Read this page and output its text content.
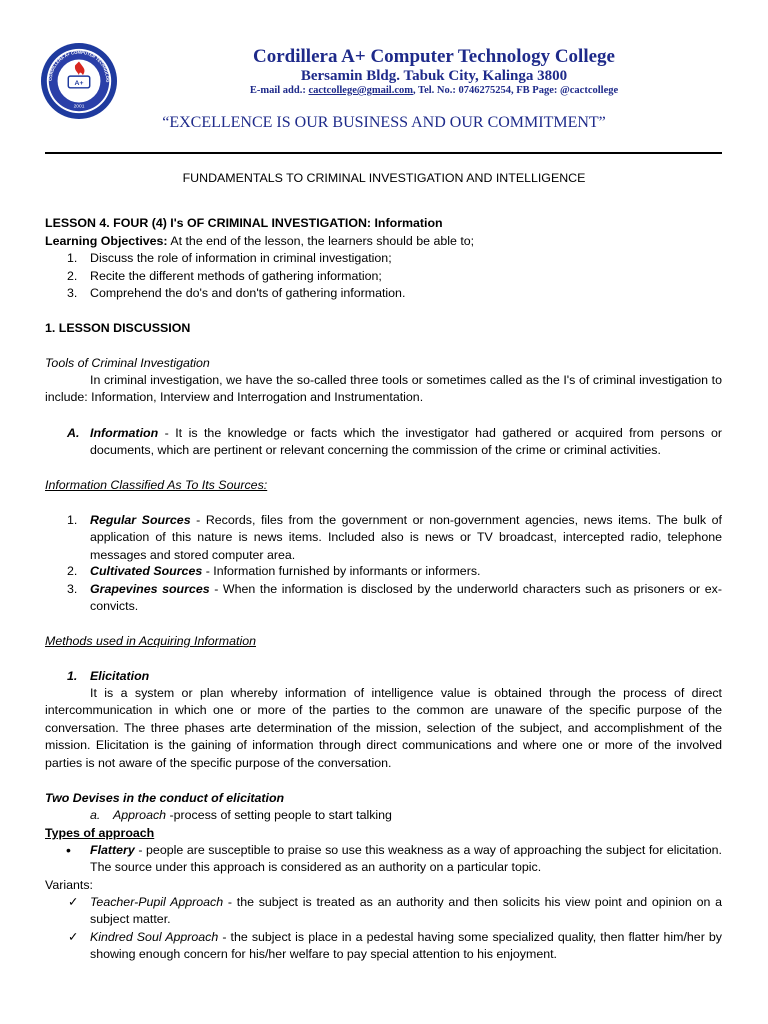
CORDILLERA A+ COMPUTER TECHNOLOG
A+
2001
Cordillera A+ Computer Technology College
Bersamin Bldg. Tabuk City, Kalinga 3800
E-mail add.: cactcollege@gmail.com, Tel. No.: 0746275254, FB Page: @cactcollege
“EXCELLENCE IS OUR BUSINESS AND OUR COMMITMENT”
FUNDAMENTALS TO CRIMINAL INVESTIGATION AND INTELLIGENCE
LESSON 4. FOUR (4) I's OF CRIMINAL INVESTIGATION: Information
Learning Objectives: At the end of the lesson, the learners should be able to;
1. Discuss the role of information in criminal investigation;
2. Recite the different methods of gathering information;
3. Comprehend the do's and don'ts of gathering information.
1. LESSON DISCUSSION
Tools of Criminal Investigation
In criminal investigation, we have the so-called three tools or sometimes called as the I's of criminal investigation to include: Information, Interview and Interrogation and Instrumentation.
A. Information - It is the knowledge or facts which the investigator had gathered or acquired from persons or documents, which are pertinent or relevant concerning the commission of the crime or criminal activities.
Information Classified As To Its Sources:
1. Regular Sources - Records, files from the government or non-government agencies, news items. The bulk of application of this nature is news items. Included also is news or TV broadcast, intercepted radio, telephone messages and stored computer area.
2. Cultivated Sources - Information furnished by informants or informers.
3. Grapevines sources - When the information is disclosed by the underworld characters such as prisoners or ex-convicts.
Methods used in Acquiring Information
1. Elicitation
It is a system or plan whereby information of intelligence value is obtained through the process of direct intercommunication in which one or more of the parties to the common are unaware of the specific purpose of the conversation. The three phases arte determination of the mission, selection of the subject, and accomplishment of the mission. Elicitation is the gaining of information through direct communications and where one or more of the involved parties is not aware of the specific purpose of the conversation.
Two Devises in the conduct of elicitation
a. Approach -process of setting people to start talking
Types of approach
• Flattery - people are susceptible to praise so use this weakness as a way of approaching the subject for elicitation. The source under this approach is considered as an authority on a particular topic.
Variants:
✓ Teacher-Pupil Approach - the subject is treated as an authority and then solicits his view point and opinion on a subject matter.
✓ Kindred Soul Approach - the subject is place in a pedestal having some specialized quality, then flatter him/her by showing enough concern for his/her welfare to pay special attention to his enjoyment.
